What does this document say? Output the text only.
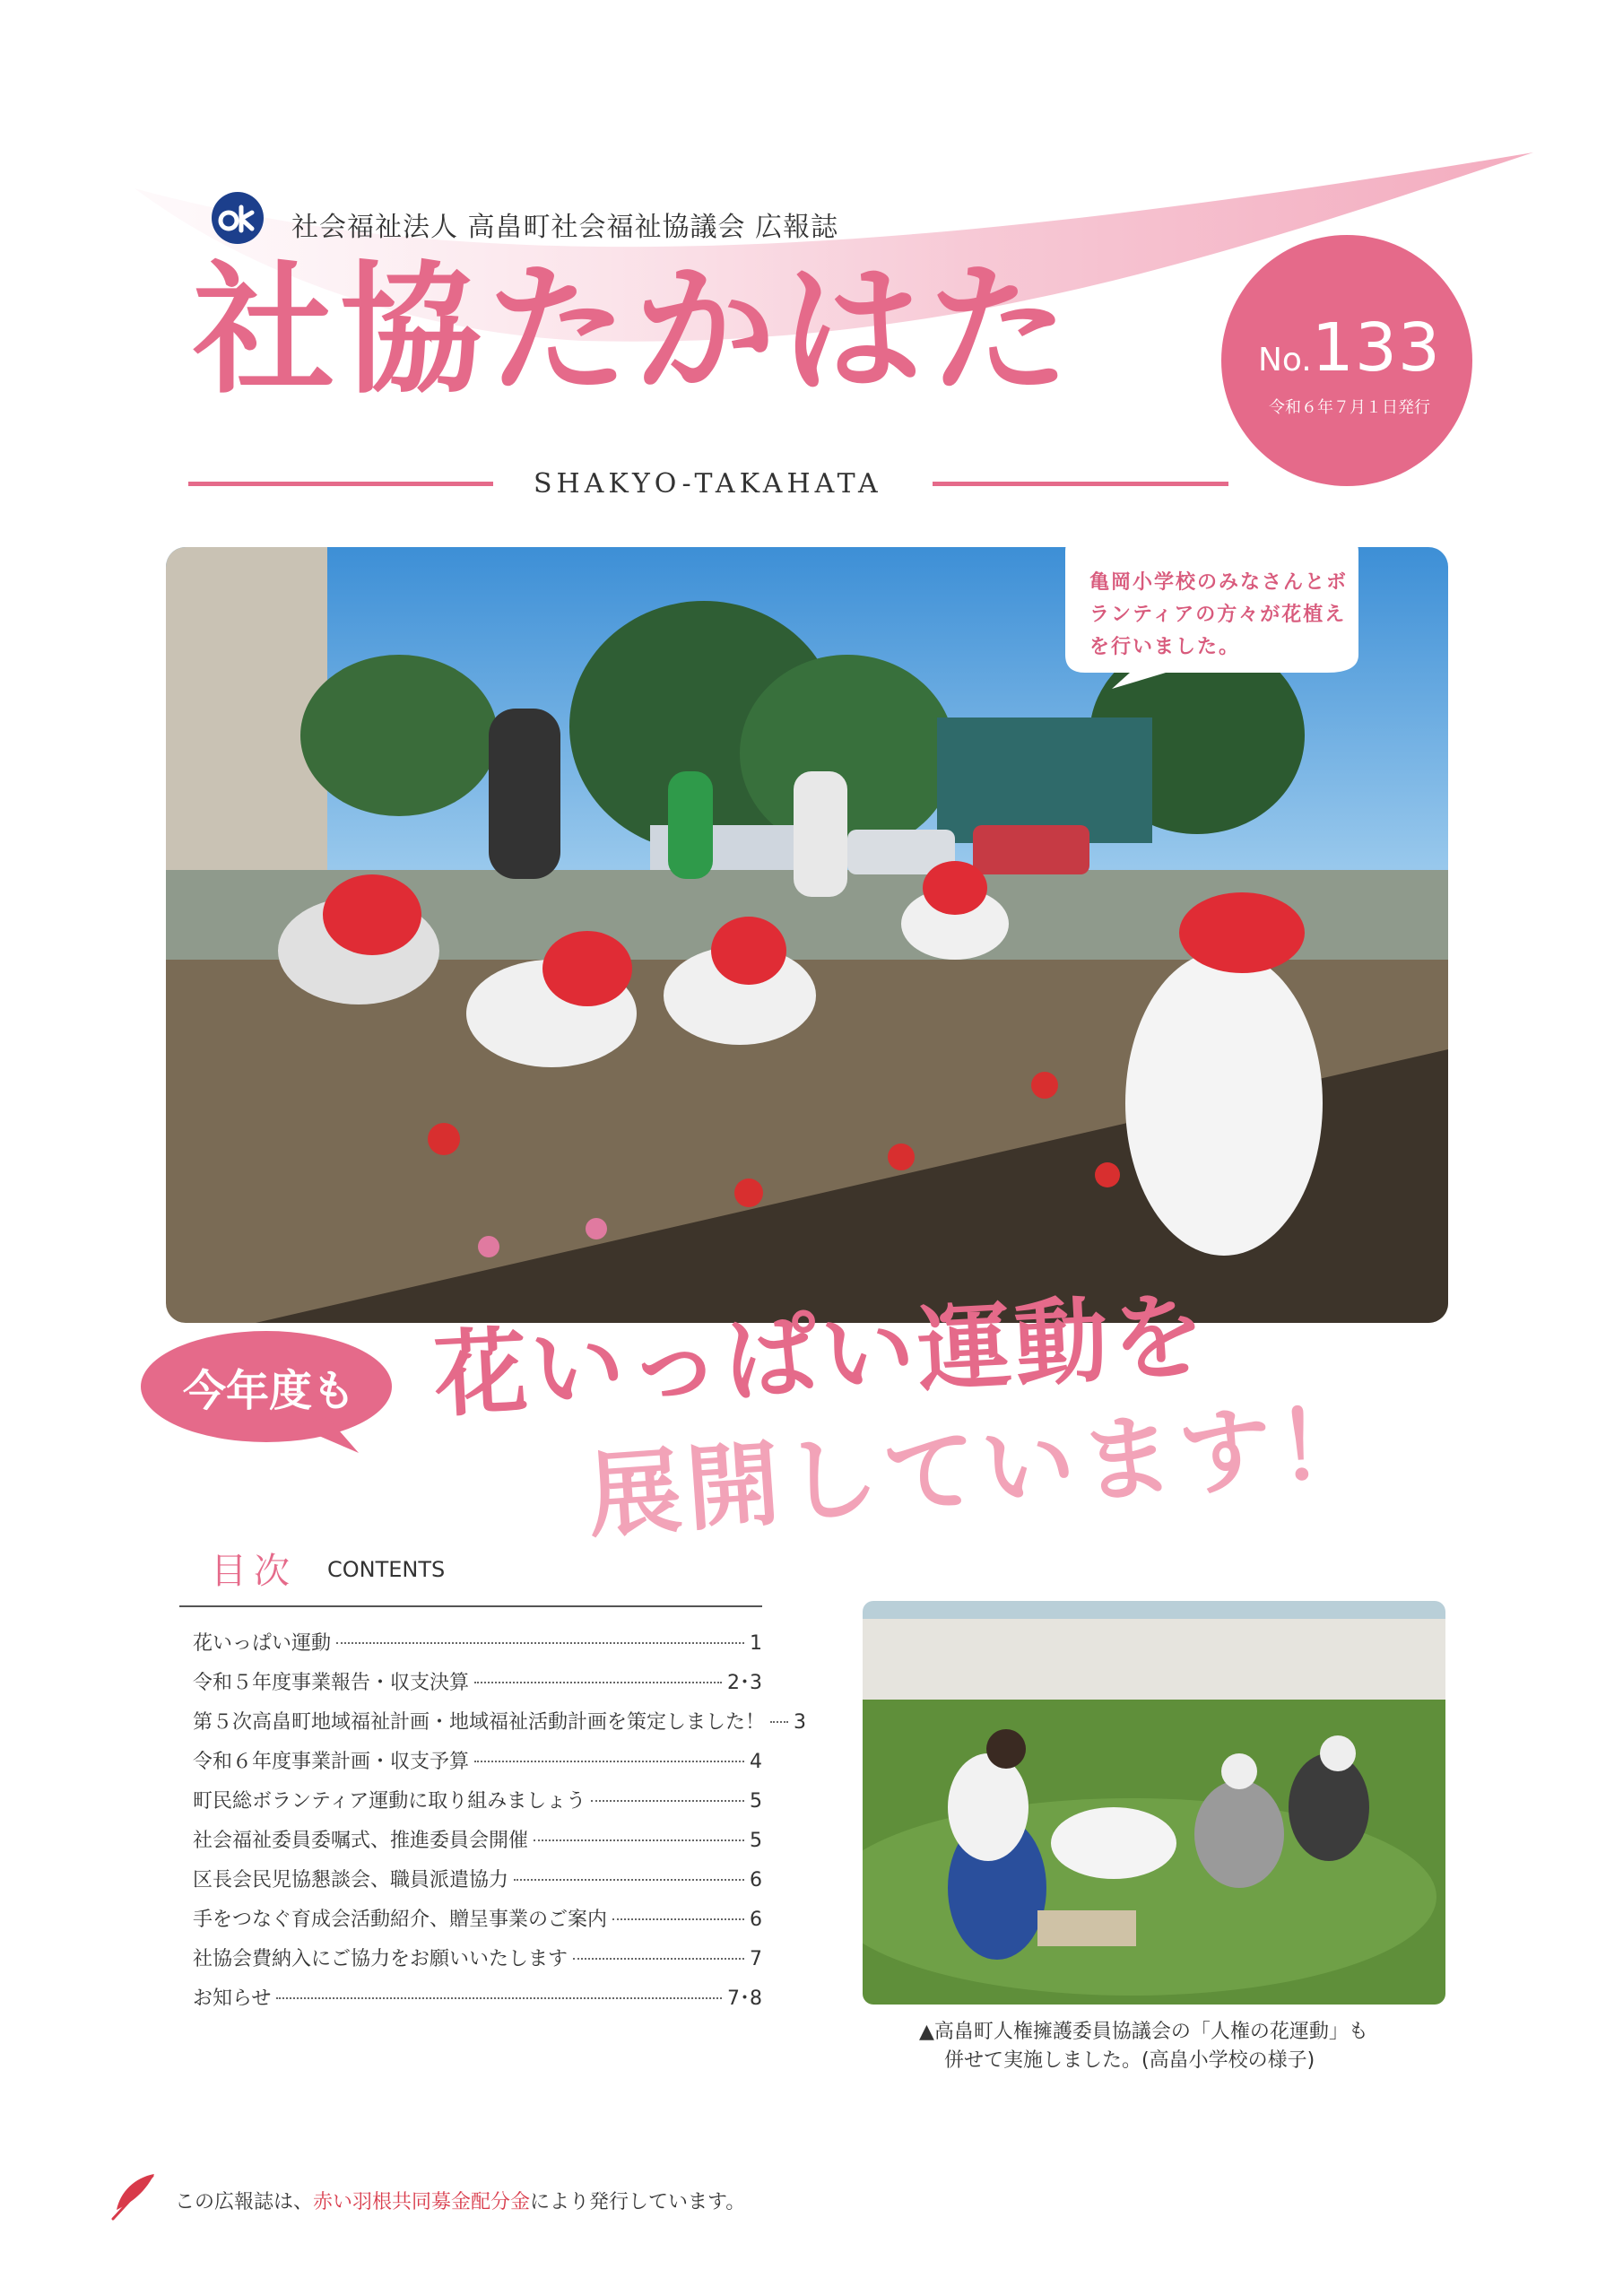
社会福祉法人 高畠町社会福祉協議会 広報誌
社協たかはた
SHAKYO-TAKAHATA
No.133
令和６年７月１日発行
亀岡小学校のみなさんとボランティアの方々が花植えを行いました。
今年度も 花いっぱい運動を
展開しています！
目次 CONTENTS
花いっぱい運動	1
令和５年度事業報告・収支決算	2･3
第５次高畠町地域福祉計画・地域福祉活動計画を策定しました！ 3
令和６年度事業計画・収支予算	4
町民総ボランティア運動に取り組みましょう	5
社会福祉委員委嘱式、推進委員会開催	5
区長会民児協懇談会、職員派遣協力	6
手をつなぐ育成会活動紹介、贈呈事業のご案内	6
社協会費納入にご協力をお願いいたします	7
お知らせ	7･8
▲高畠町人権擁護委員協議会の「人権の花運動」も
併せて実施しました。(高畠小学校の様子)
この広報誌は、赤い羽根共同募金配分金により発行しています。
